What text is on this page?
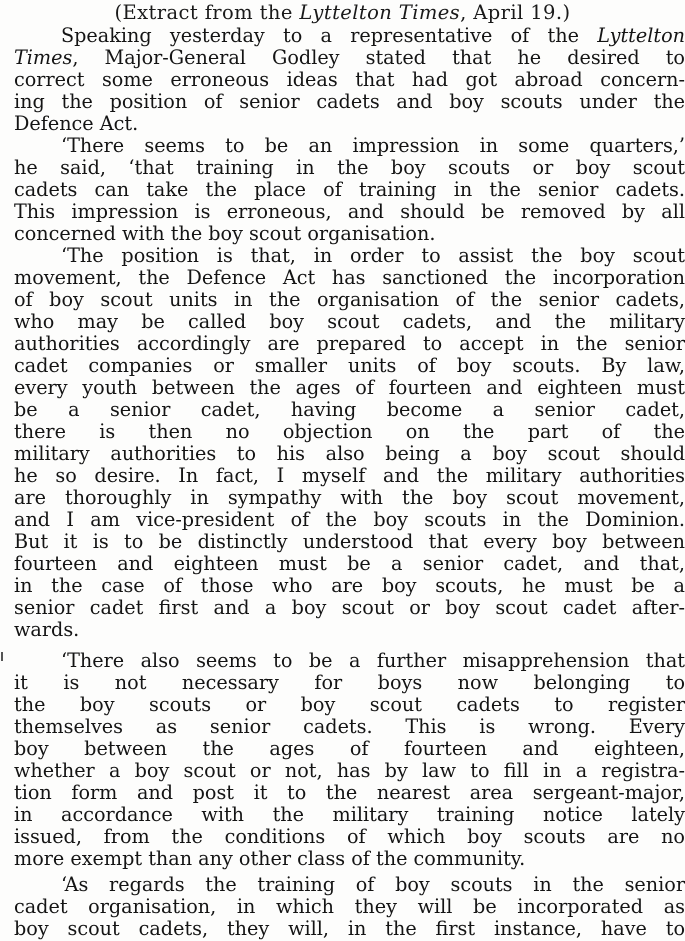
(Extract from the Lyttelton Times, April 19.)
Speaking yesterday to a representative of the Lyttelton
Times, Major-General Godley stated that he desired to
correct some erroneous ideas that had got abroad concern-
ing the position of senior cadets and boy scouts under the
Defence Act.
‘There seems to be an impression in some quarters,’
he said, ‘that training in the boy scouts or boy scout
cadets can take the place of training in the senior cadets.
This impression is erroneous, and should be removed by all
concerned with the boy scout organisation.
‘The position is that, in order to assist the boy scout
movement, the Defence Act has sanctioned the incorporation
of boy scout units in the organisation of the senior cadets,
who may be called boy scout cadets, and the military
authorities accordingly are prepared to accept in the senior
cadet companies or smaller units of boy scouts. By law,
every youth between the ages of fourteen and eighteen must
be a senior cadet, having become a senior cadet,
there is then no objection on the part of the
military authorities to his also being a boy scout should
he so desire. In fact, I myself and the military authorities
are thoroughly in sympathy with the boy scout movement,
and I am vice-president of the boy scouts in the Dominion.
But it is to be distinctly understood that every boy between
fourteen and eighteen must be a senior cadet, and that,
in the case of those who are boy scouts, he must be a
senior cadet first and a boy scout or boy scout cadet after-
wards.
‘There also seems to be a further misapprehension that
it is not necessary for boys now belonging to
the boy scouts or boy scout cadets to register
themselves as senior cadets. This is wrong. Every
boy between the ages of fourteen and eighteen,
whether a boy scout or not, has by law to fill in a registra-
tion form and post it to the nearest area sergeant-major,
in accordance with the military training notice lately
issued, from the conditions of which boy scouts are no
more exempt than any other class of the community.
‘As regards the training of boy scouts in the senior
cadet organisation, in which they will be incorporated as
boy scout cadets, they will, in the first instance, have to
